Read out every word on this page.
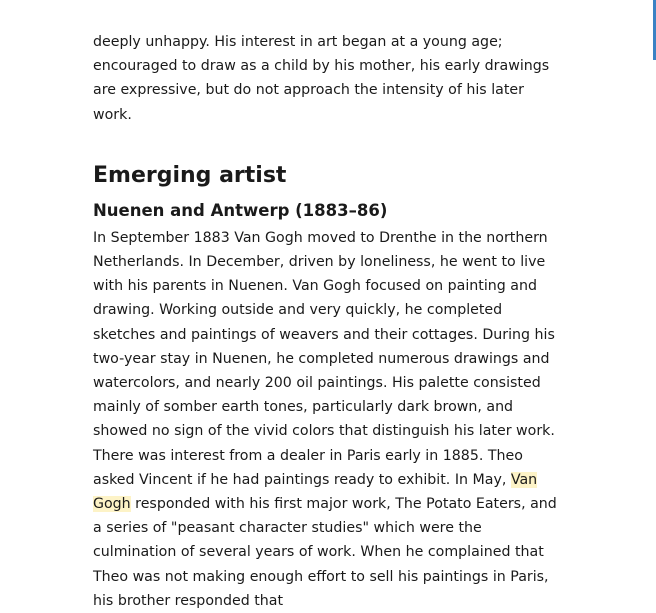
deeply unhappy. His interest in art began at a young age; encouraged to draw as a child by his mother, his early drawings are expressive, but do not approach the intensity of his later work.

Emerging artist
Nuenen and Antwerp (1883–86)

In September 1883 Van Gogh moved to Drenthe in the northern Netherlands. In December, driven by loneliness, he went to live with his parents in Nuenen. Van Gogh focused on painting and drawing. Working outside and very quickly, he completed sketches and paintings of weavers and their cottages. During his two-year stay in Nuenen, he completed numerous drawings and watercolors, and nearly 200 oil paintings. His palette consisted mainly of somber earth tones, particularly dark brown, and showed no sign of the vivid colors that distinguish his later work. There was interest from a dealer in Paris early in 1885. Theo asked Vincent if he had paintings ready to exhibit. In May, Van Gogh responded with his first major work, The Potato Eaters, and a series of "peasant character studies" which were the culmination of several years of work. When he complained that Theo was not making enough effort to sell his paintings in Paris, his brother responded that
